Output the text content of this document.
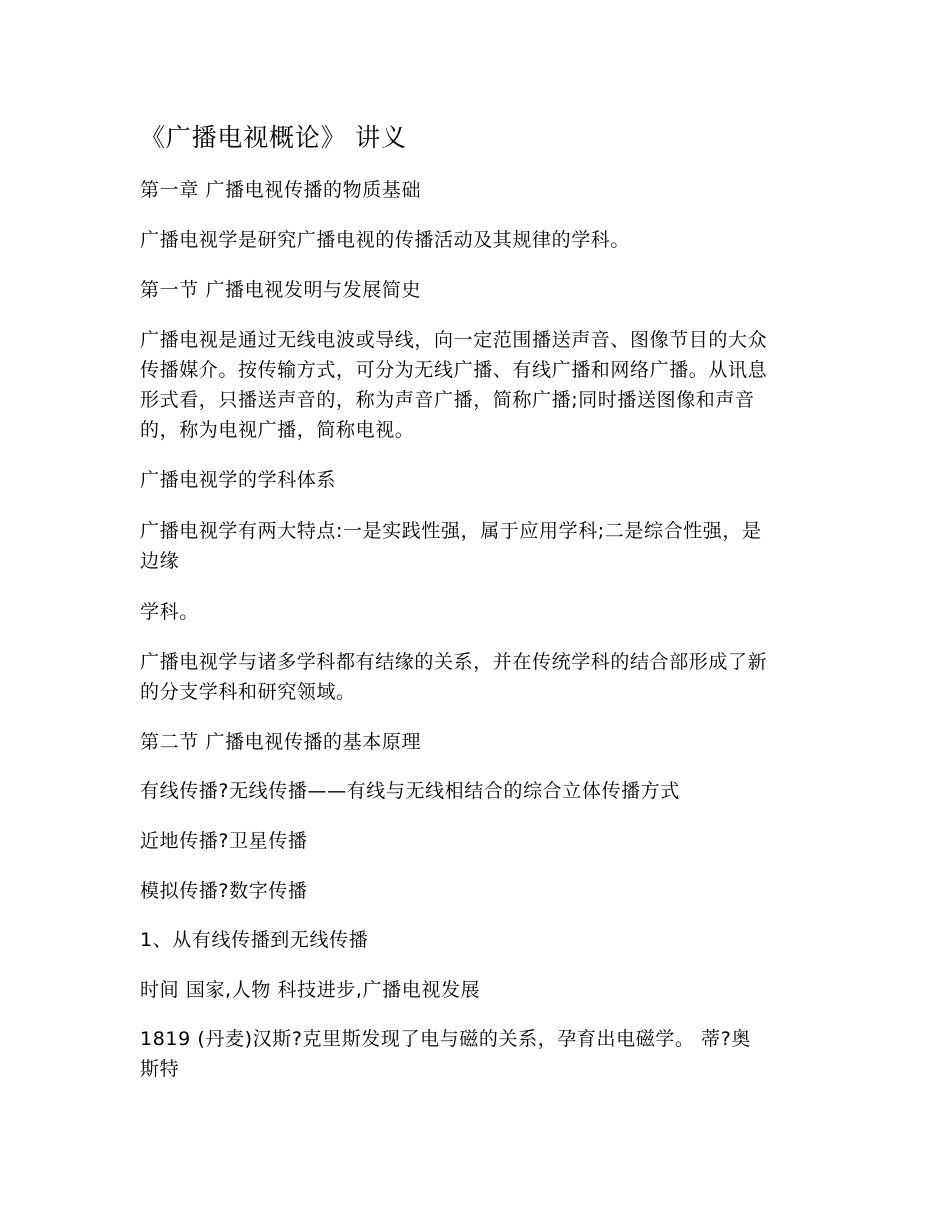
《广播电视概论》 讲义
第一章 广播电视传播的物质基础
广播电视学是研究广播电视的传播活动及其规律的学科。
第一节 广播电视发明与发展简史
广播电视是通过无线电波或导线，向一定范围播送声音、图像节目的大众
传播媒介。按传输方式，可分为无线广播、有线广播和网络广播。从讯息
形式看，只播送声音的，称为声音广播，简称广播;同时播送图像和声音
的，称为电视广播，简称电视。
广播电视学的学科体系
广播电视学有两大特点:一是实践性强，属于应用学科;二是综合性强，是
边缘
学科。
广播电视学与诸多学科都有结缘的关系，并在传统学科的结合部形成了新
的分支学科和研究领域。
第二节 广播电视传播的基本原理
有线传播?无线传播——有线与无线相结合的综合立体传播方式
近地传播?卫星传播
模拟传播?数字传播
1、从有线传播到无线传播
时间 国家,人物 科技进步,广播电视发展
1819 (丹麦)汉斯?克里斯发现了电与磁的关系，孕育出电磁学。 蒂?奥
斯特
